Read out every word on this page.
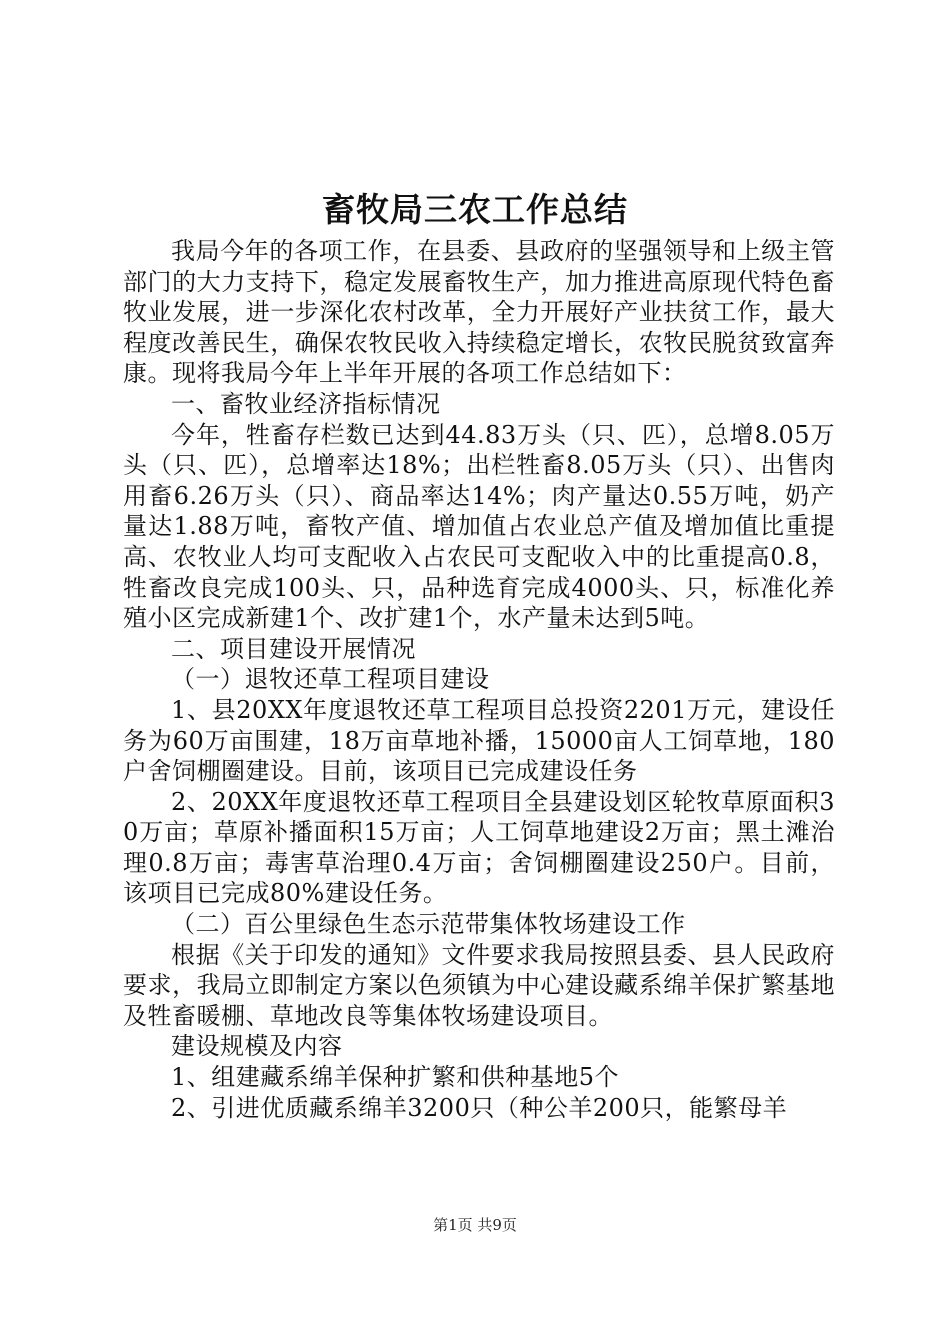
畜牧局三农工作总结

我局今年的各项工作，在县委、县政府的坚强领导和上级主管部门的大力支持下，稳定发展畜牧生产，加力推进高原现代特色畜牧业发展，进一步深化农村改革，全力开展好产业扶贫工作，最大程度改善民生，确保农牧民收入持续稳定增长，农牧民脱贫致富奔康。现将我局今年上半年开展的各项工作总结如下：

一、畜牧业经济指标情况

今年，牲畜存栏数已达到44.83万头（只、匹），总增8.05万头（只、匹），总增率达18%；出栏牲畜8.05万头（只）、出售肉用畜6.26万头（只）、商品率达14%；肉产量达0.55万吨，奶产量达1.88万吨，畜牧产值、增加值占农业总产值及增加值比重提高、农牧业人均可支配收入占农民可支配收入中的比重提高0.8，牲畜改良完成100头、只，品种选育完成4000头、只，标准化养殖小区完成新建1个、改扩建1个，水产量未达到5吨。

二、项目建设开展情况

（一）退牧还草工程项目建设

1、县20XX年度退牧还草工程项目总投资2201万元，建设任务为60万亩围建，18万亩草地补播，15000亩人工饲草地，180户舍饲棚圈建设。目前，该项目已完成建设任务

2、20XX年度退牧还草工程项目全县建设划区轮牧草原面积30万亩；草原补播面积15万亩；人工饲草地建设2万亩；黑土滩治理0.8万亩；毒害草治理0.4万亩；舍饲棚圈建设250户。目前，该项目已完成80%建设任务。

（二）百公里绿色生态示范带集体牧场建设工作

根据《关于印发的通知》文件要求我局按照县委、县人民政府要求，我局立即制定方案以色须镇为中心建设藏系绵羊保扩繁基地及牲畜暖棚、草地改良等集体牧场建设项目。

建设规模及内容

1、组建藏系绵羊保种扩繁和供种基地5个

2、引进优质藏系绵羊3200只（种公羊200只，能繁母羊

第1页 共9页
